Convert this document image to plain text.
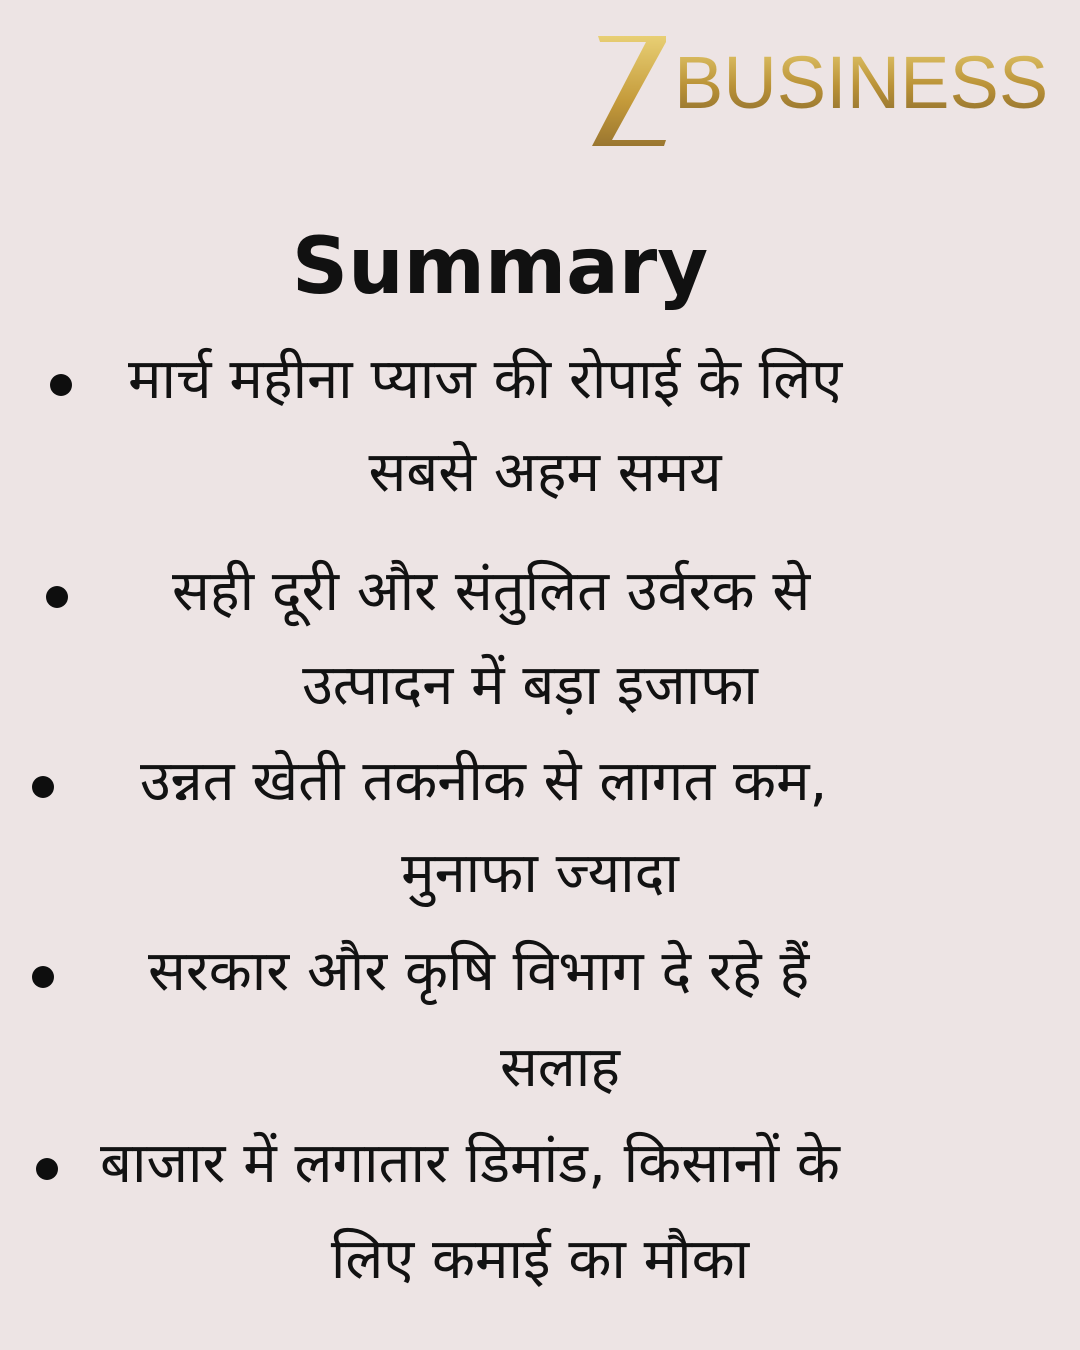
BUSINESS
Summary
मार्च महीना प्याज की रोपाई के लिए
सबसे अहम समय
सही दूरी और संतुलित उर्वरक से
उत्पादन में बड़ा इजाफा
उन्नत खेती तकनीक से लागत कम,
मुनाफा ज्यादा
सरकार और कृषि विभाग दे रहे हैं
सलाह
बाजार में लगातार डिमांड, किसानों के
लिए कमाई का मौका
